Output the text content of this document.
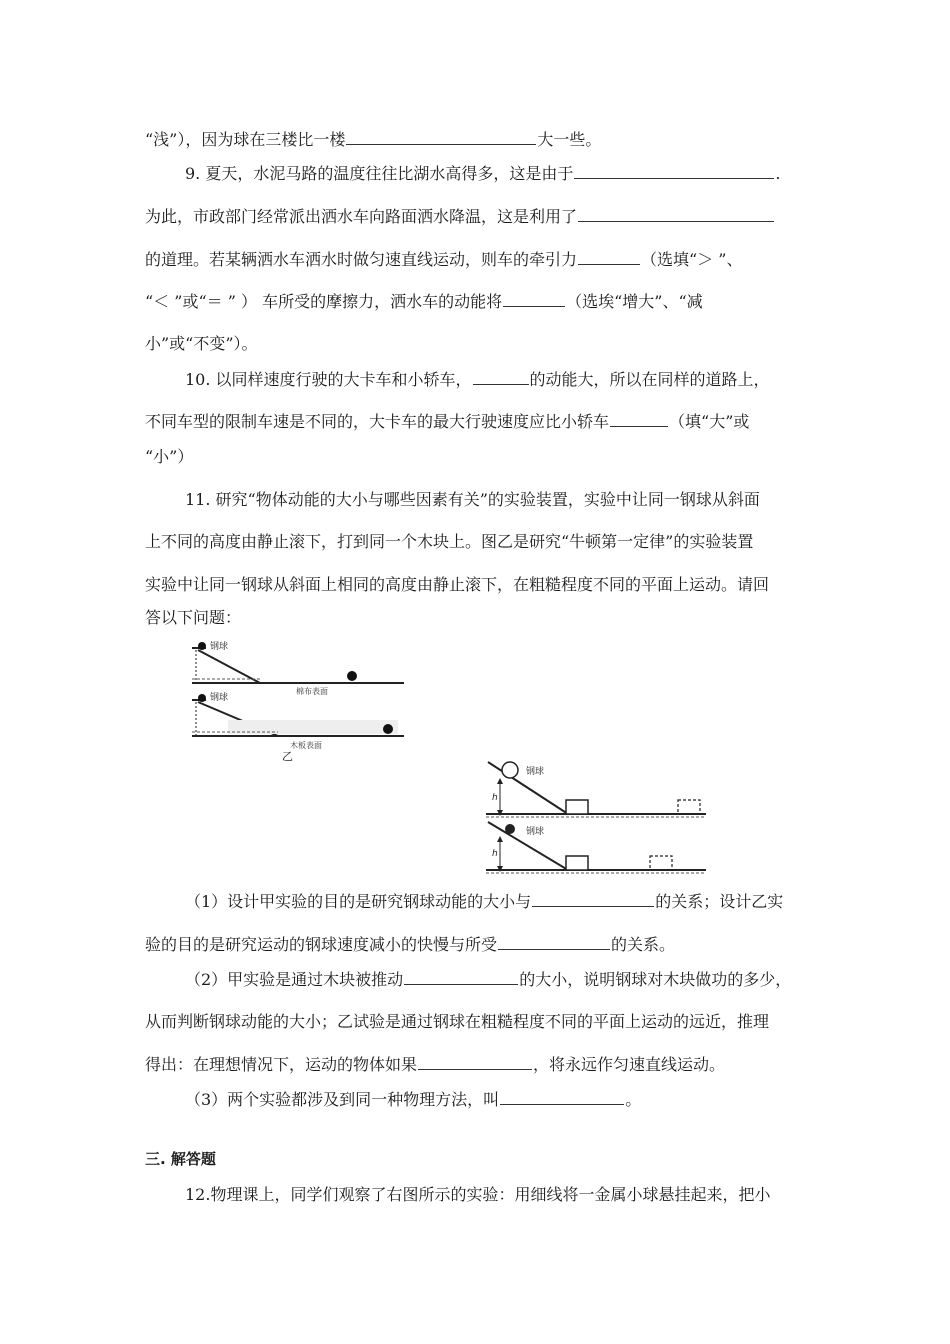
“浅”），因为球在三楼比一楼	大一些。
9. 夏天，水泥马路的温度往往比湖水高得多，这是由于	.
为此，市政部门经常派出洒水车向路面洒水降温，这是利用了
的道理。若某辆洒水车洒水时做匀速直线运动，则车的牵引力	（选填“＞ ”、
“＜ ”或“＝ ” ） 车所受的摩擦力，洒水车的动能将	（选埃“增大”、“减
小”或“不变”）。
10. 以同样速度行驶的大卡车和小轿车，	的动能大，所以在同样的道路上，
不同车型的限制车速是不同的，大卡车的最大行驶速度应比小轿车	（填“大”或
“小”）
11. 研究“物体动能的大小与哪些因素有关”的实验装置，实验中让同一钢球从斜面
上不同的高度由静止滚下，打到同一个木块上。图乙是研究“牛顿第一定律”的实验装置
实验中让同一钢球从斜面上相同的高度由静止滚下，在粗糙程度不同的平面上运动。请回
答以下问题：
钢球
棉布表面
钢球
木板表面
乙
钢球
h
钢球
h
（1）设计甲实验的目的是研究钢球动能的大小与	的关系；设计乙实
验的目的是研究运动的钢球速度减小的快慢与所受	的关系。
（2）甲实验是通过木块被推动	的大小，说明钢球对木块做功的多少，
从而判断钢球动能的大小；乙试验是通过钢球在粗糙程度不同的平面上运动的远近，推理
得出：在理想情况下，运动的物体如果	，将永远作匀速直线运动。
（3）两个实验都涉及到同一种物理方法，叫	。
三. 解答题
12.物理课上，同学们观察了右图所示的实验：用细线将一金属小球悬挂起来，把小
